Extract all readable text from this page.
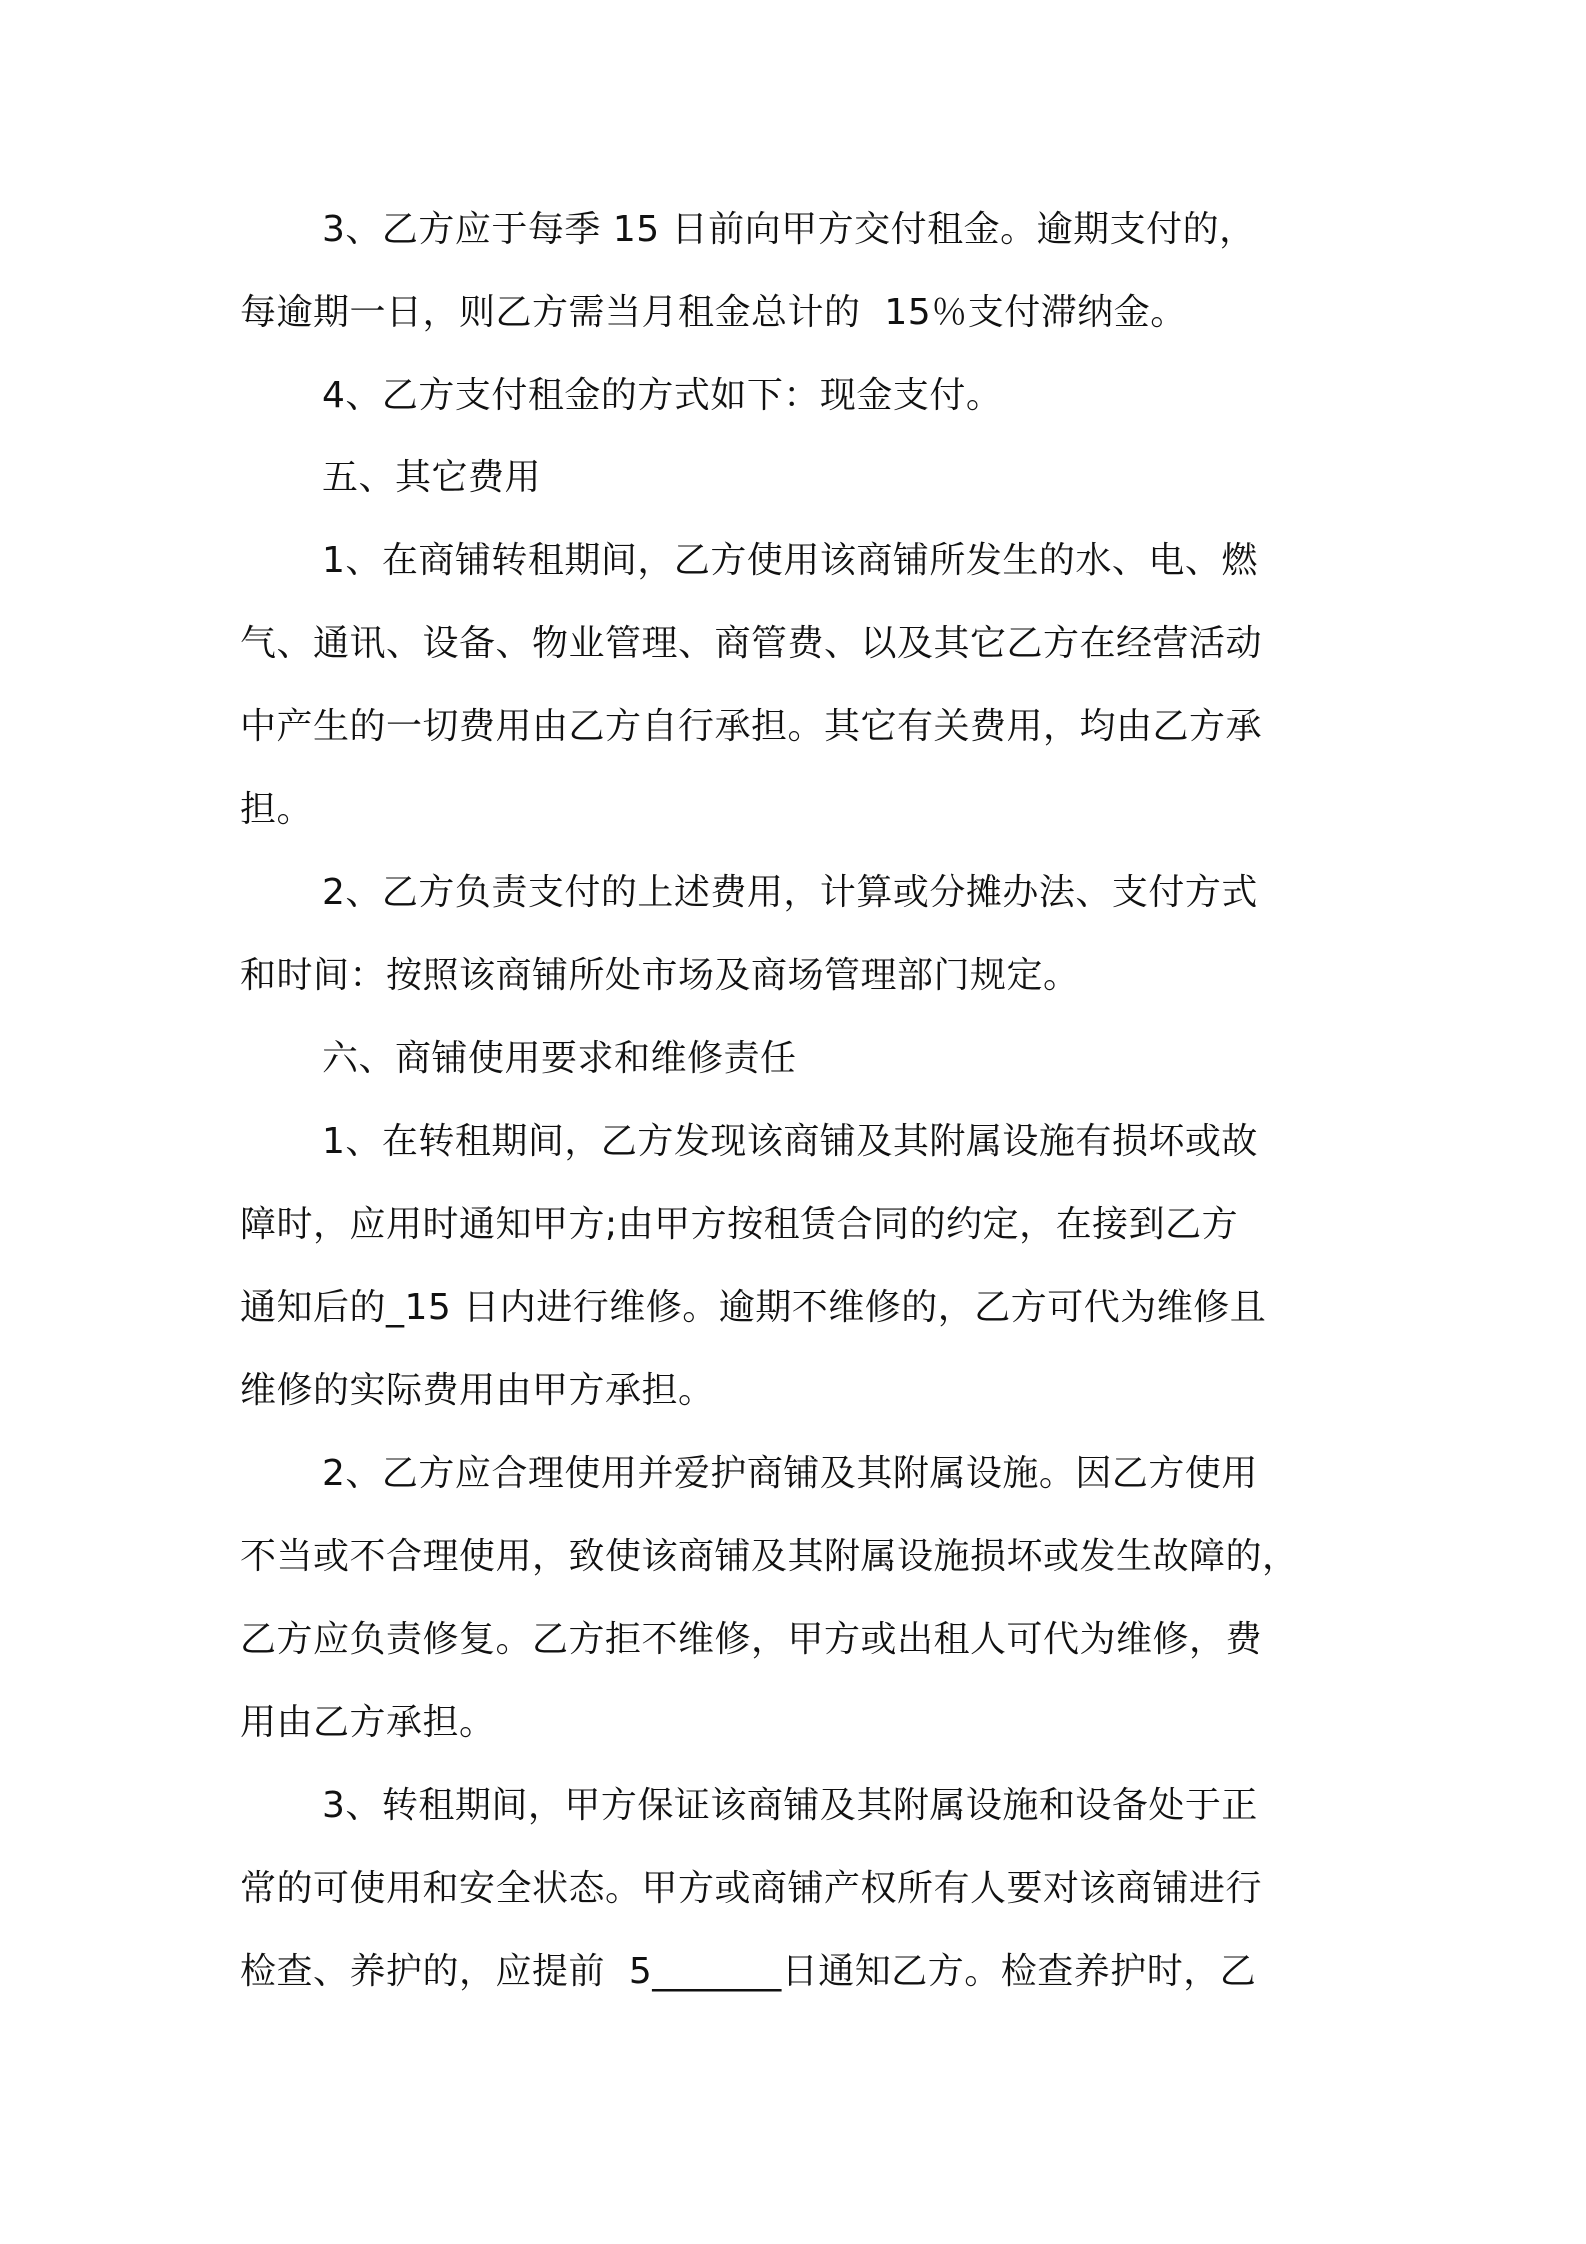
3、乙方应于每季 15 日前向甲方交付租金。逾期支付的，
每逾期一日，则乙方需当月租金总计的  15％支付滞纳金。
4、乙方支付租金的方式如下：现金支付。
五、其它费用
1、在商铺转租期间，乙方使用该商铺所发生的水、电、燃
气、通讯、设备、物业管理、商管费、以及其它乙方在经营活动
中产生的一切费用由乙方自行承担。其它有关费用，均由乙方承
担。
2、乙方负责支付的上述费用，计算或分摊办法、支付方式
和时间：按照该商铺所处市场及商场管理部门规定。
六、商铺使用要求和维修责任
1、在转租期间，乙方发现该商铺及其附属设施有损坏或故
障时，应用时通知甲方;由甲方按租赁合同的约定，在接到乙方
通知后的_15 日内进行维修。逾期不维修的，乙方可代为维修且
维修的实际费用由甲方承担。
2、乙方应合理使用并爱护商铺及其附属设施。因乙方使用
不当或不合理使用，致使该商铺及其附属设施损坏或发生故障的，
乙方应负责修复。乙方拒不维修，甲方或出租人可代为维修，费
用由乙方承担。
3、转租期间，甲方保证该商铺及其附属设施和设备处于正
常的可使用和安全状态。甲方或商铺产权所有人要对该商铺进行
检查、养护的，应提前  5_______日通知乙方。检查养护时，乙
